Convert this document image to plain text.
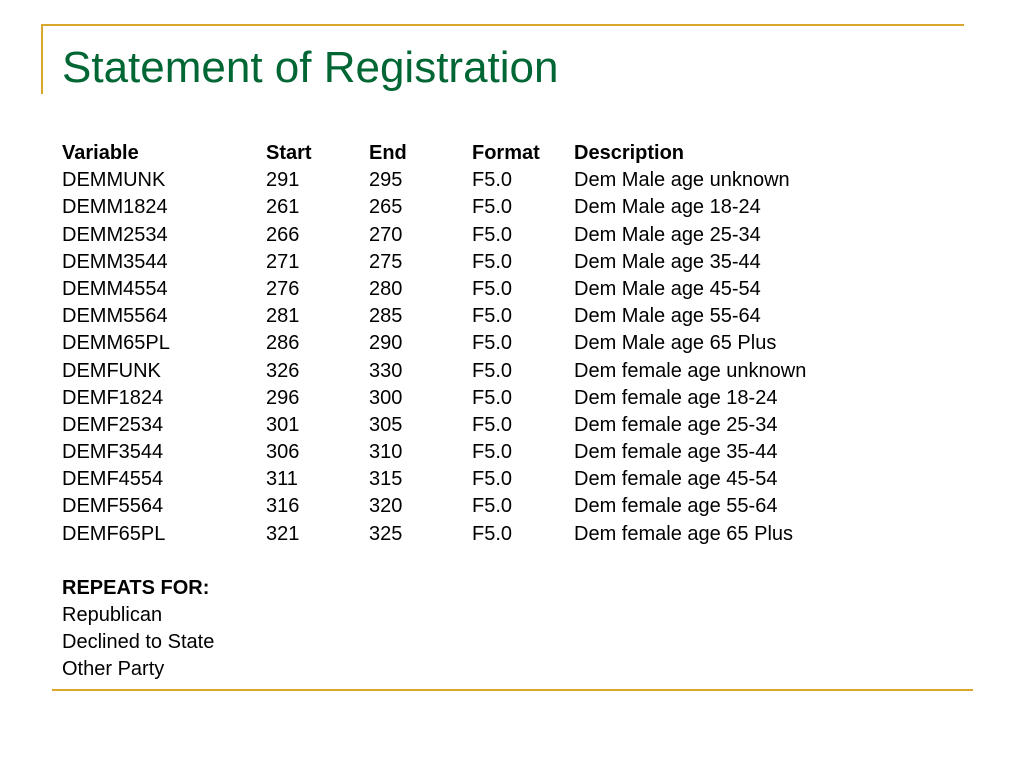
Statement of Registration
Variable	Start	End	Format	Description
DEMMUNK	291	295	F5.0	Dem Male age unknown
DEMM1824	261	265	F5.0	Dem Male age 18-24
DEMM2534	266	270	F5.0	Dem Male age 25-34
DEMM3544	271	275	F5.0	Dem Male age 35-44
DEMM4554	276	280	F5.0	Dem Male age 45-54
DEMM5564	281	285	F5.0	Dem Male age 55-64
DEMM65PL	286	290	F5.0	Dem Male age 65 Plus
DEMFUNK	326	330	F5.0	Dem female age unknown
DEMF1824	296	300	F5.0	Dem female age 18-24
DEMF2534	301	305	F5.0	Dem female age 25-34
DEMF3544	306	310	F5.0	Dem female age 35-44
DEMF4554	311	315	F5.0	Dem female age 45-54
DEMF5564	316	320	F5.0	Dem female age 55-64
DEMF65PL	321	325	F5.0	Dem female age 65 Plus
REPEATS FOR:
Republican
Declined to State
Other Party
